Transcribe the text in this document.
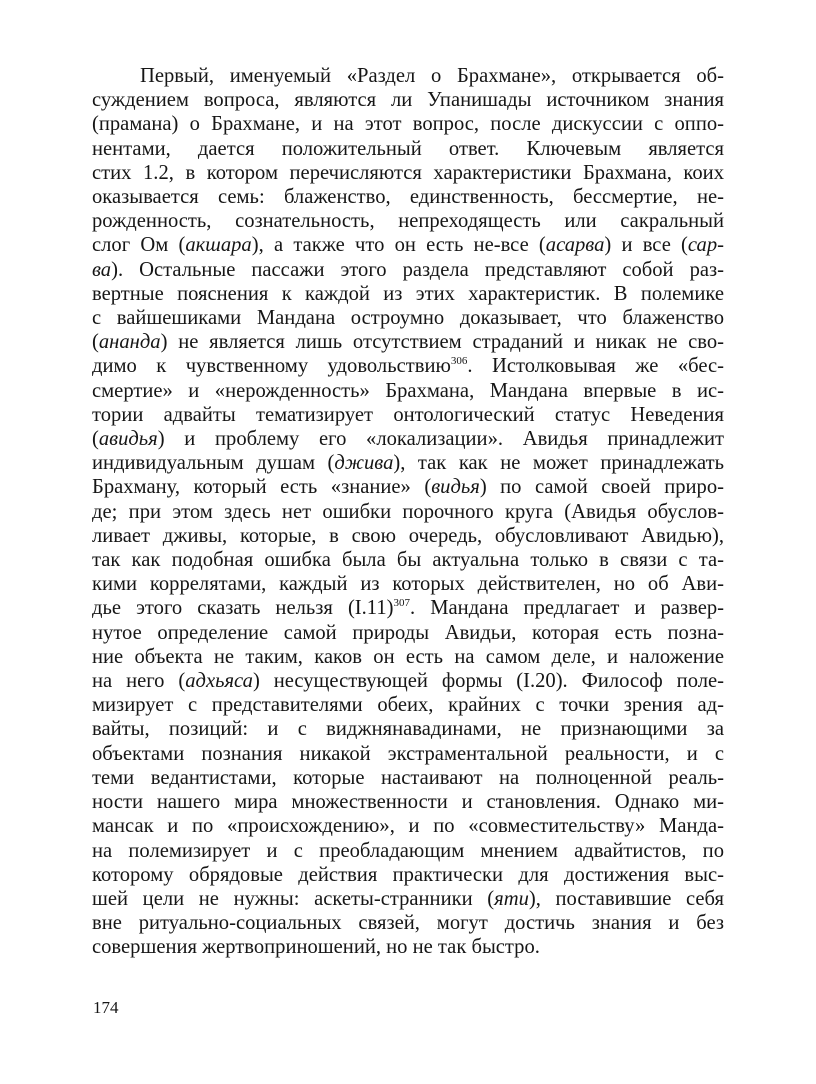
Первый, именуемый «Раздел о Брахмане», открывается об-
суждением вопроса, являются ли Упанишады источником знания
(прамана) о Брахмане, и на этот вопрос, после дискуссии с оппо-
нентами, дается положительный ответ. Ключевым является
стих 1.2, в котором перечисляются характеристики Брахмана, коих
оказывается семь: блаженство, единственность, бессмертие, не-
рожденность, сознательность, непреходящесть или сакральный
слог Ом (акшара), а также что он есть не-все (асарва) и все (сар-
ва). Остальные пассажи этого раздела представляют собой раз-
вертные пояснения к каждой из этих характеристик. В полемике
с вайшешиками Мандана остроумно доказывает, что блаженство
(ананда) не является лишь отсутствием страданий и никак не сво-
димо к чувственному удовольствию$^{306}$. Истолковывая же «бес-
смертие» и «нерожденность» Брахмана, Мандана впервые в ис-
тории адвайты тематизирует онтологический статус Неведения
(авидья) и проблему его «локализации». Авидья принадлежит
индивидуальным душам (джива), так как не может принадлежать
Брахману, который есть «знание» (видья) по самой своей приро-
де; при этом здесь нет ошибки порочного круга (Авидья обуслов-
ливает дживы, которые, в свою очередь, обусловливают Авидью),
так как подобная ошибка была бы актуальна только в связи с та-
кими коррелятами, каждый из которых действителен, но об Ави-
дье этого сказать нельзя $(I.11)^{307}$. Мандана предлагает и развер-
нутое определение самой природы Авидьи, которая есть позна-
ние объекта не таким, каков он есть на самом деле, и наложение
на него (адхьяса) несуществующей формы (I.20). Философ поле-
мизирует с представителями обеих, крайних с точки зрения ад-
вайты, позиций: и с виджнянавадинами, не признающими за
объектами познания никакой экстраментальной реальности, и с
теми ведантистами, которые настаивают на полноценной реаль-
ности нашего мира множественности и становления. Однако ми-
мансак и по «происхождению», и по «совместительству» Манда-
на полемизирует и с преобладающим мнением адвайтистов, по
которому обрядовые действия практически для достижения выс-
шей цели не нужны: аскеты-странники (яти), поставившие себя
вне ритуально-социальных связей, могут достичь знания и без
совершения жертвоприношений, но не так быстро.
174
